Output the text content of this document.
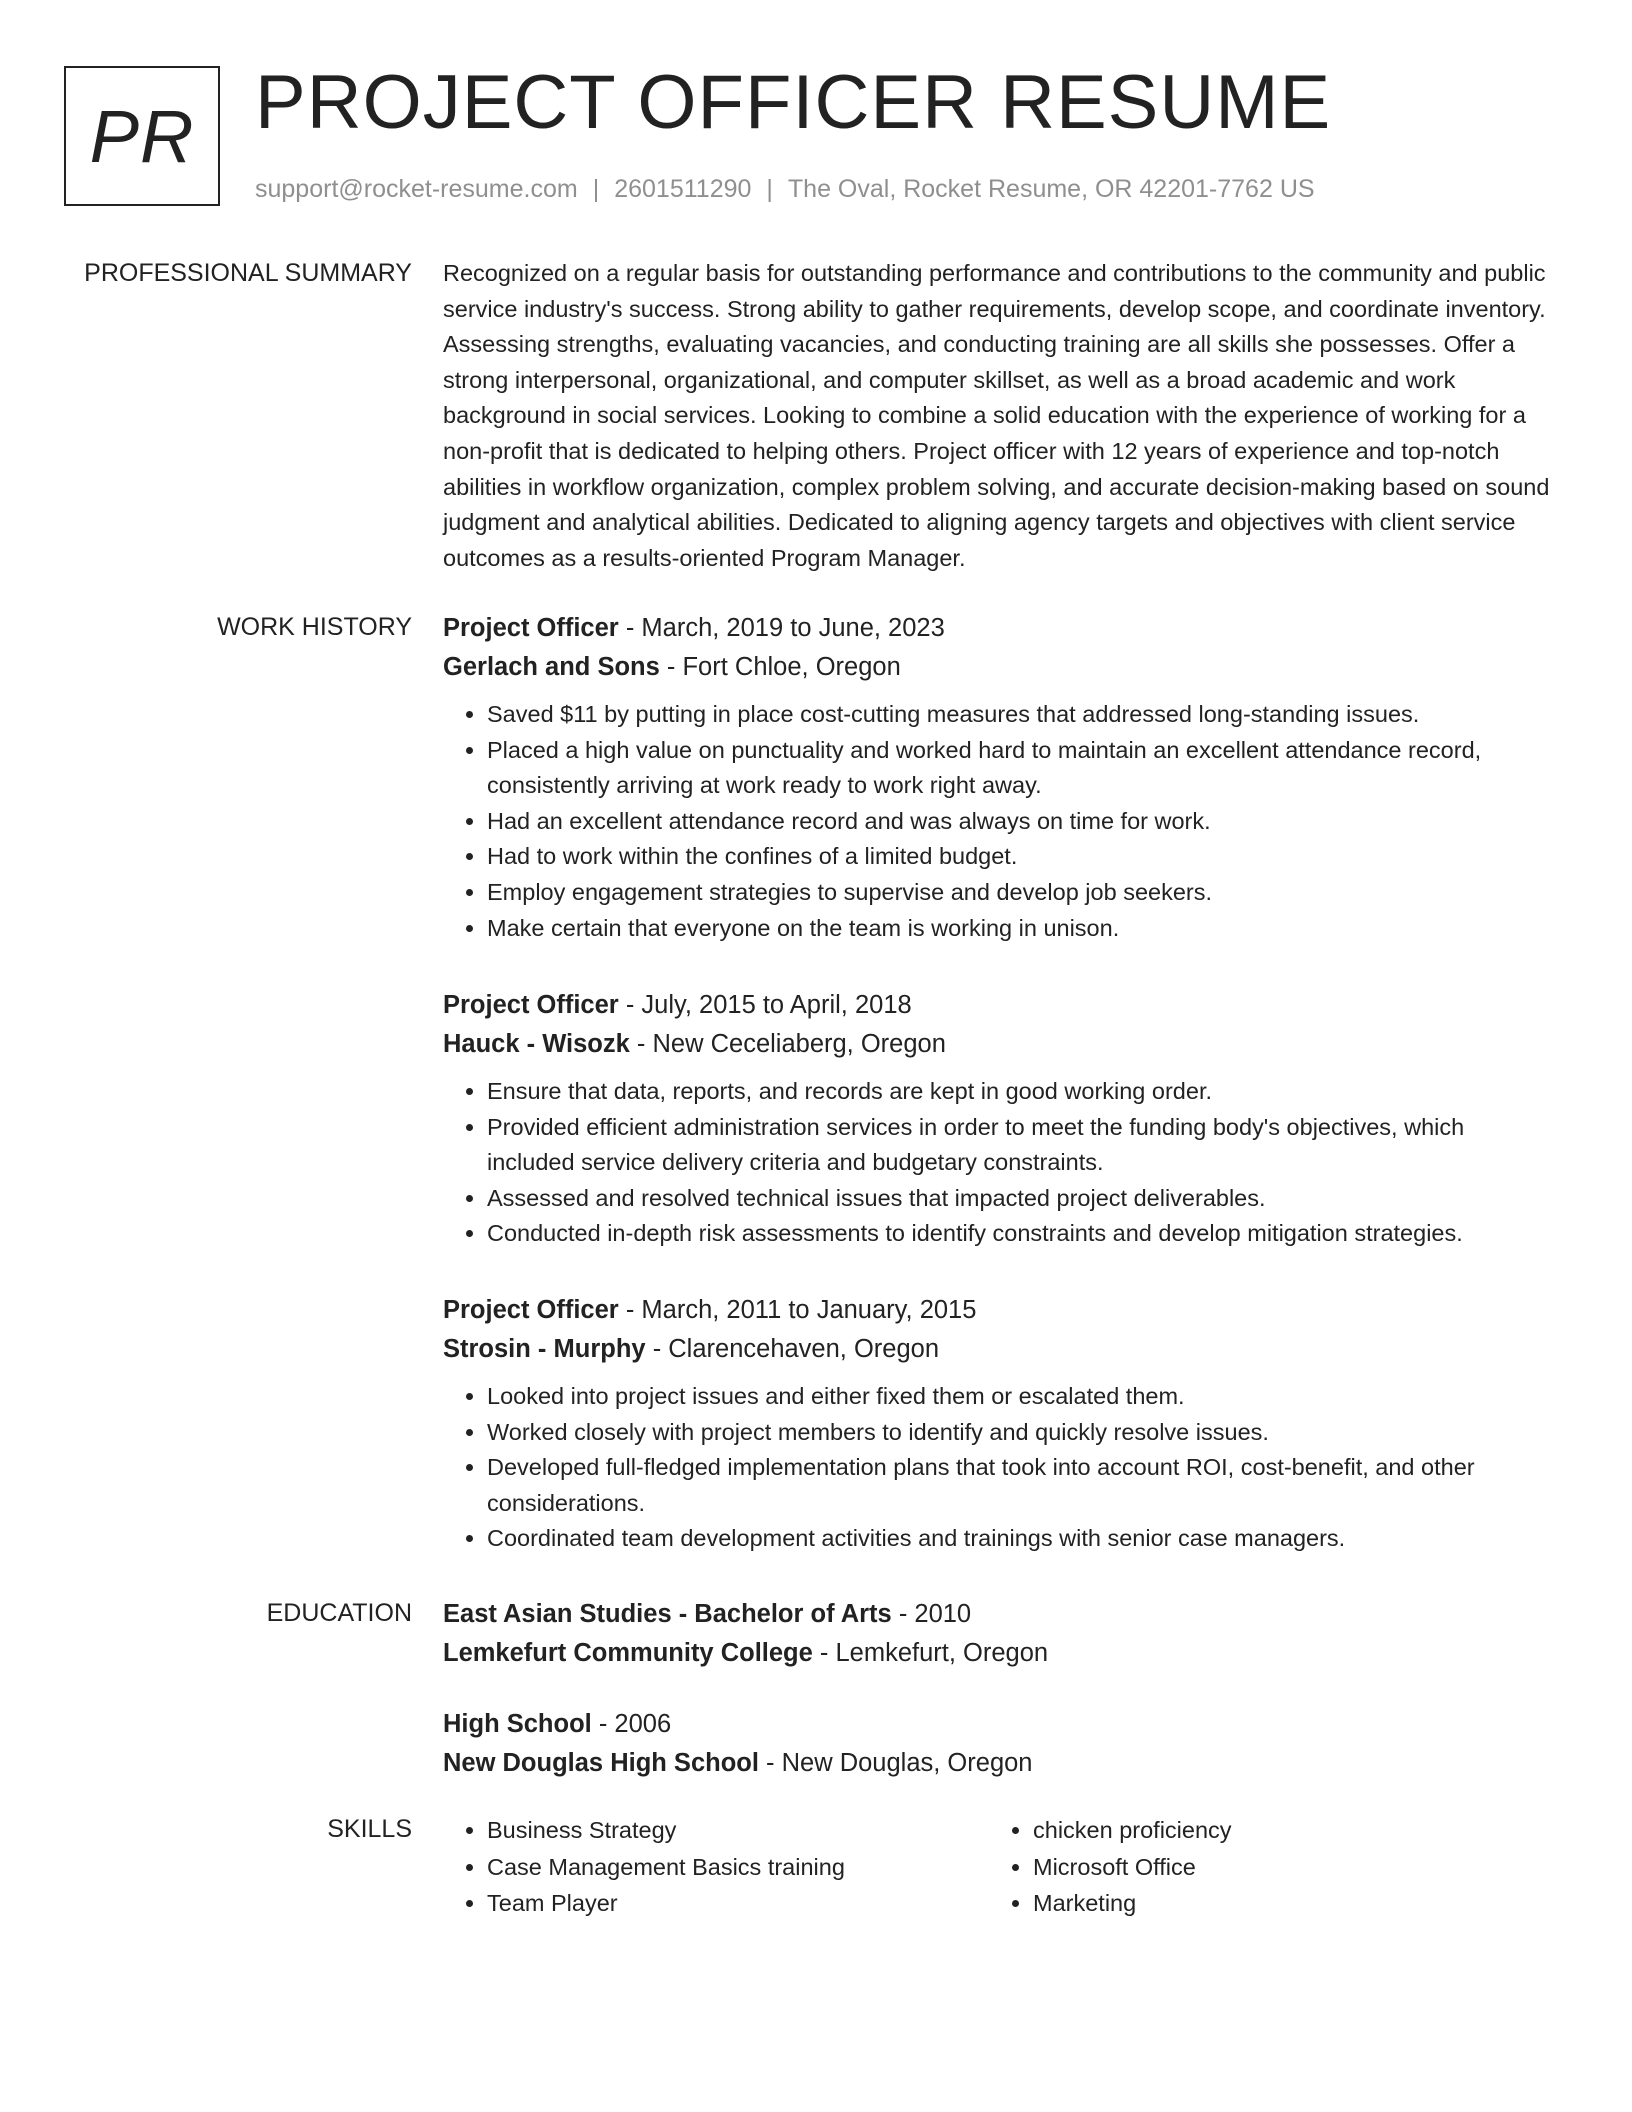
PR PROJECT OFFICER RESUME
support@rocket-resume.com | 2601511290 | The Oval, Rocket Resume, OR 42201-7762 US
PROFESSIONAL SUMMARY Recognized on a regular basis for outstanding performance and contributions to the community and public service industry's success. Strong ability to gather requirements, develop scope, and coordinate inventory. Assessing strengths, evaluating vacancies, and conducting training are all skills she possesses. Offer a strong interpersonal, organizational, and computer skillset, as well as a broad academic and work background in social services. Looking to combine a solid education with the experience of working for a non-profit that is dedicated to helping others. Project officer with 12 years of experience and top-notch abilities in workflow organization, complex problem solving, and accurate decision-making based on sound judgment and analytical abilities. Dedicated to aligning agency targets and objectives with client service outcomes as a results-oriented Program Manager.

WORK HISTORY Project Officer - March, 2019 to June, 2023
Gerlach and Sons - Fort Chloe, Oregon
• Saved $11 by putting in place cost-cutting measures that addressed long-standing issues.
• Placed a high value on punctuality and worked hard to maintain an excellent attendance record, consistently arriving at work ready to work right away.
• Had an excellent attendance record and was always on time for work.
• Had to work within the confines of a limited budget.
• Employ engagement strategies to supervise and develop job seekers.
• Make certain that everyone on the team is working in unison.
Project Officer - July, 2015 to April, 2018
Hauck - Wisozk - New Ceceliaberg, Oregon
• Ensure that data, reports, and records are kept in good working order.
• Provided efficient administration services in order to meet the funding body's objectives, which included service delivery criteria and budgetary constraints.
• Assessed and resolved technical issues that impacted project deliverables.
• Conducted in-depth risk assessments to identify constraints and develop mitigation strategies.
Project Officer - March, 2011 to January, 2015
Strosin - Murphy - Clarencehaven, Oregon
• Looked into project issues and either fixed them or escalated them.
• Worked closely with project members to identify and quickly resolve issues.
• Developed full-fledged implementation plans that took into account ROI, cost-benefit, and other considerations.
• Coordinated team development activities and trainings with senior case managers.
EDUCATION East Asian Studies - Bachelor of Arts - 2010
Lemkefurt Community College - Lemkefurt, Oregon
High School - 2006
New Douglas High School - New Douglas, Oregon
SKILLS
•	Business Strategy
• Case Management Basics training
• Team Player
• chicken proficiency
• Microsoft Office
• Marketing
